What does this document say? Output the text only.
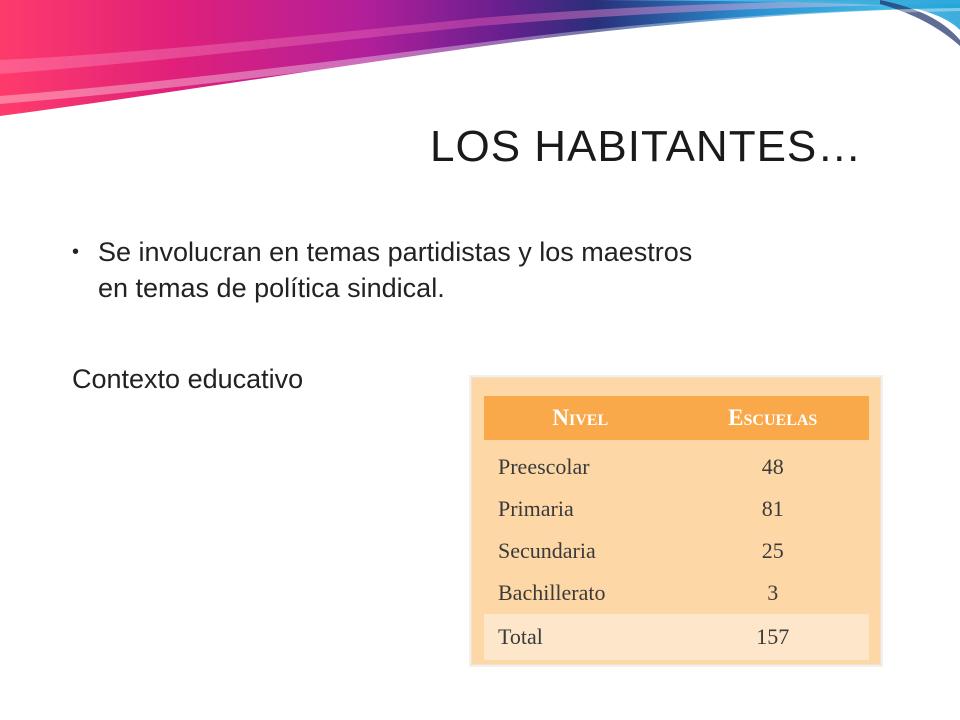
LOS HABITANTES…
• Se involucran en temas partidistas y los maestros
en temas de política sindical.
Contexto educativo
Nivel	Escuelas
Preescolar	48
Primaria	81
Secundaria	25
Bachillerato	3
Total	157
